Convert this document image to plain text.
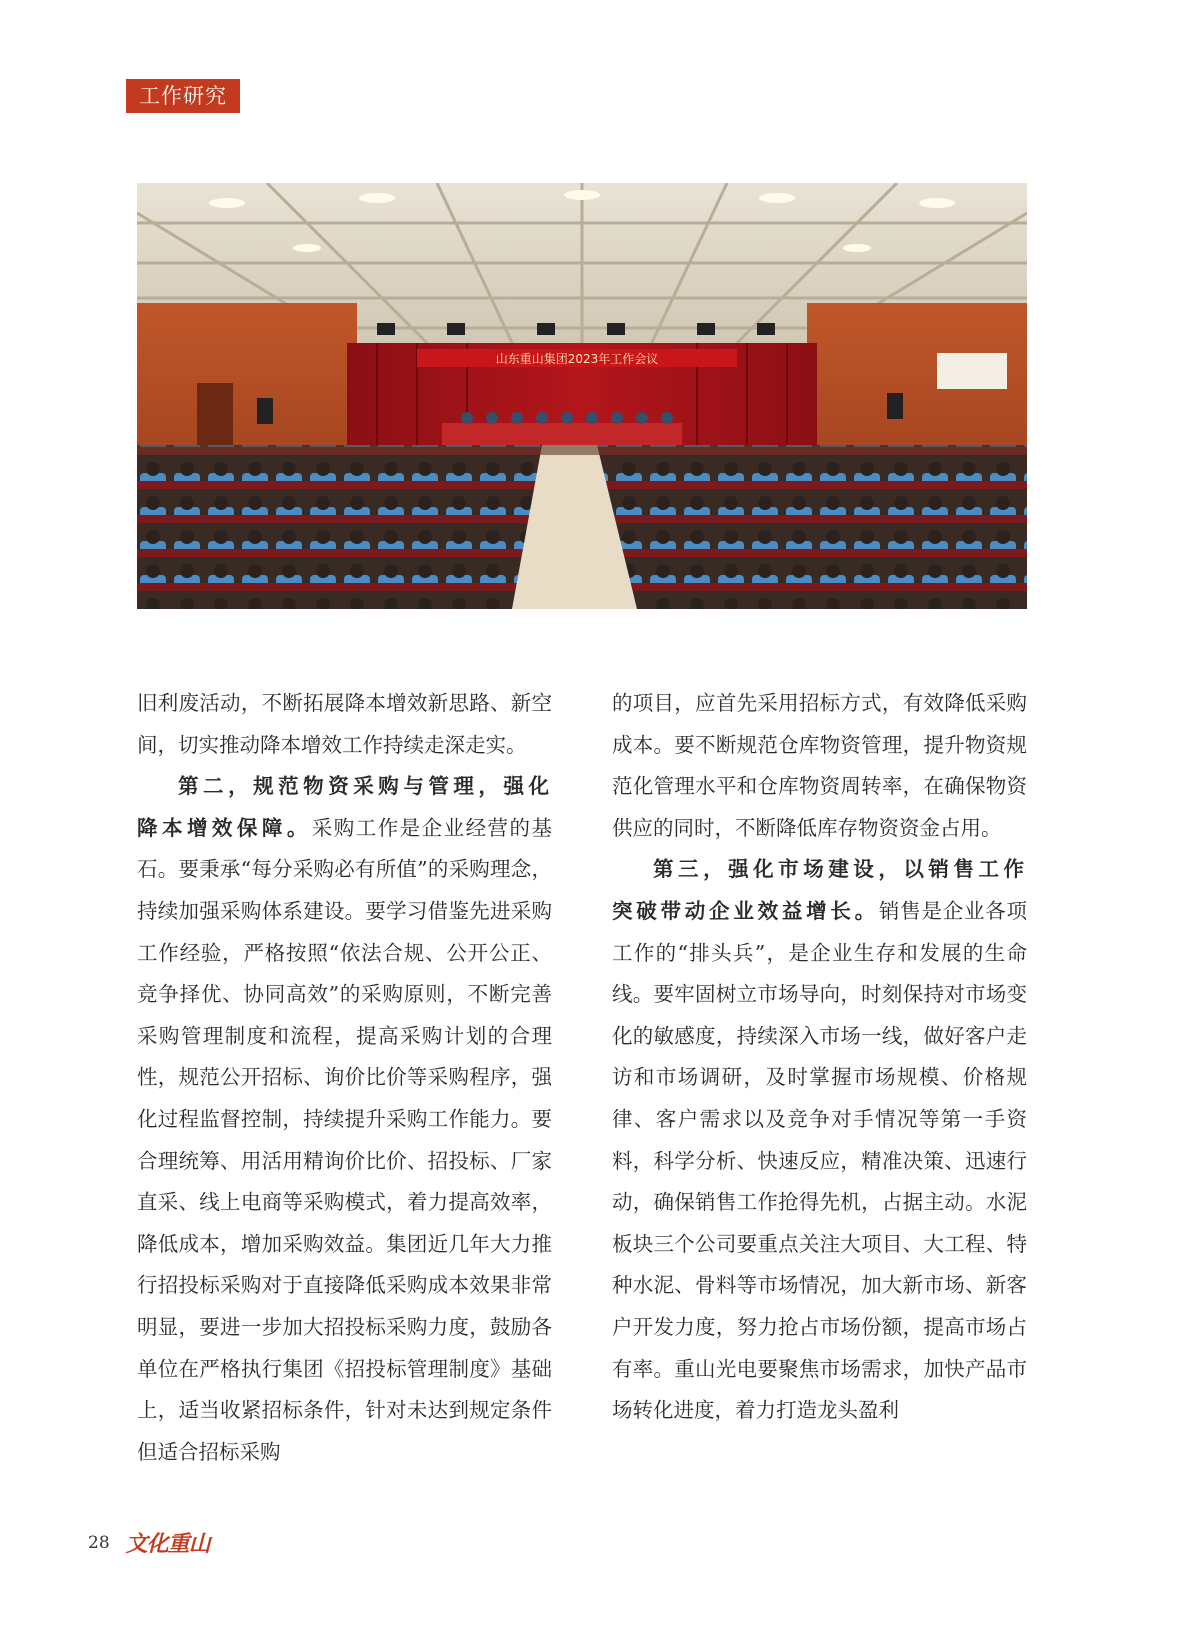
工作研究
山东重山集团2023年工作会议

旧利废活动，不断拓展降本增效新思路、新空间，切实推动降本增效工作持续走深走实。

第二，规范物资采购与管理，强化降本增效保障。采购工作是企业经营的基石。要秉承“每分采购必有所值”的采购理念，持续加强采购体系建设。要学习借鉴先进采购工作经验，严格按照“依法合规、公开公正、竞争择优、协同高效”的采购原则，不断完善采购管理制度和流程，提高采购计划的合理性，规范公开招标、询价比价等采购程序，强化过程监督控制，持续提升采购工作能力。要合理统筹、用活用精询价比价、招投标、厂家直采、线上电商等采购模式，着力提高效率，降低成本，增加采购效益。集团近几年大力推行招投标采购对于直接降低采购成本效果非常明显，要进一步加大招投标采购力度，鼓励各单位在严格执行集团《招投标管理制度》基础上，适当收紧招标条件，针对未达到规定条件但适合招标采购

的项目，应首先采用招标方式，有效降低采购成本。要不断规范仓库物资管理，提升物资规范化管理水平和仓库物资周转率，在确保物资供应的同时，不断降低库存物资资金占用。

第三，强化市场建设，以销售工作突破带动企业效益增长。销售是企业各项工作的“排头兵”，是企业生存和发展的生命线。要牢固树立市场导向，时刻保持对市场变化的敏感度，持续深入市场一线，做好客户走访和市场调研，及时掌握市场规模、价格规律、客户需求以及竞争对手情况等第一手资料，科学分析、快速反应，精准决策、迅速行动，确保销售工作抢得先机，占据主动。水泥板块三个公司要重点关注大项目、大工程、特种水泥、骨料等市场情况，加大新市场、新客户开发力度，努力抢占市场份额，提高市场占有率。重山光电要聚焦市场需求，加快产品市场转化进度，着力打造龙头盈利

28 文化重山
